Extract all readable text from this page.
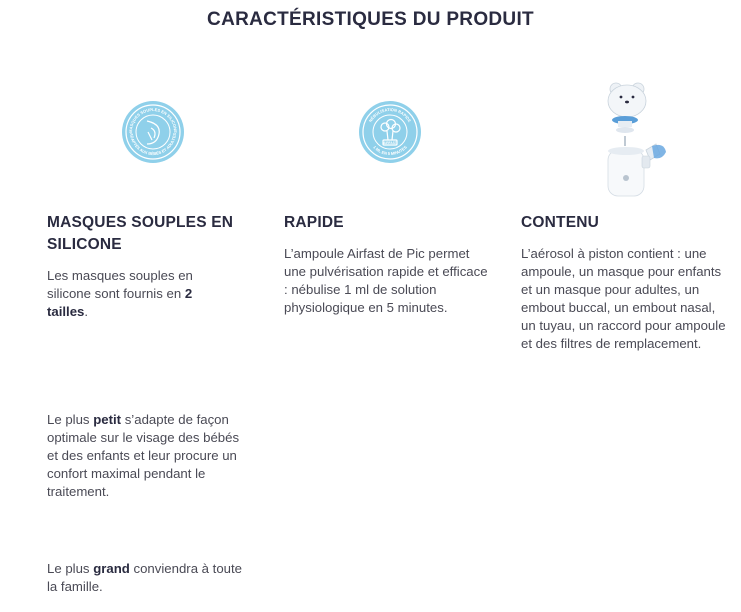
CARACTÉRISTIQUES DU PRODUIT
MASQUES SOUPLES EN SILICONE
ADAPTÉS AUX BÉBÉS ET ADULTES
NÉBULISATION RAPIDE
1 ML EN 5 MINUTES
AIRFAST
MASQUES SOUPLES EN SILICONE

Les masques souples en silicone sont fournis en 2 tailles.

Le plus petit s’adapte de façon optimale sur le visage des bébés et des enfants et leur procure un confort maximal pendant le traitement.

Le plus grand conviendra à toute la famille.

RAPIDE

L’ampoule Airfast de Pic permet une pulvérisation rapide et efficace : nébulise 1 ml de solution physiologique en 5 minutes.

CONTENU

L’aérosol à piston contient : une ampoule, un masque pour enfants et un masque pour adultes, un embout buccal, un embout nasal, un tuyau, un raccord pour ampoule et des filtres de remplacement.
